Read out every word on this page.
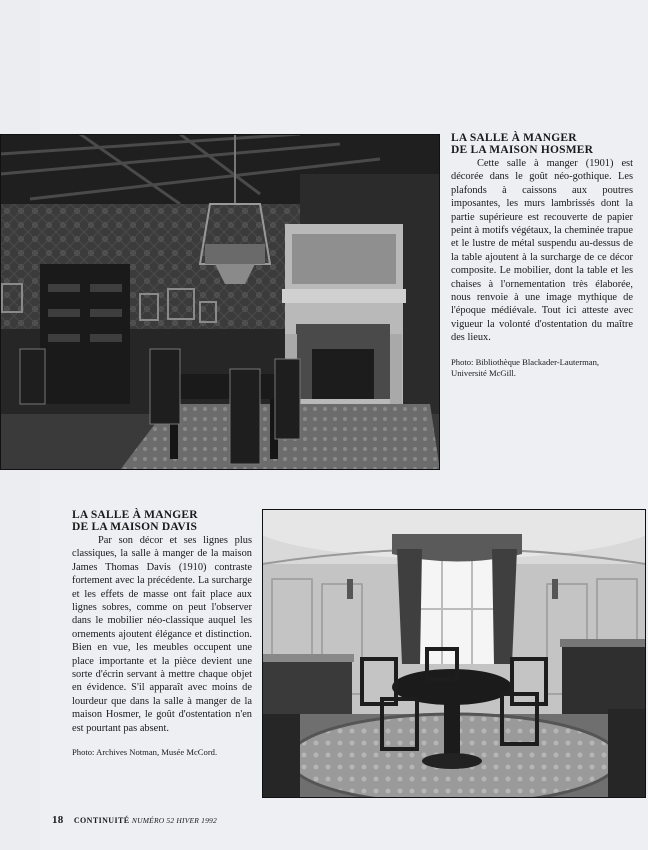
LA SALLE À MANGER
DE LA MAISON HOSMER

Cette salle à manger (1901) est décorée dans le goût néo-gothique. Les plafonds à caissons aux poutres imposantes, les murs lambrissés dont la partie supérieure est recouverte de papier peint à motifs végétaux, la cheminée trapue et le lustre de métal suspendu au-dessus de la table ajoutent à la surcharge de ce décor composite. Le mobilier, dont la table et les chaises à l'ornementation très élaborée, nous renvoie à une image mythique de l'époque médiévale. Tout ici atteste avec vigueur la volonté d'ostentation du maître des lieux.

Photo: Bibliothèque Blackader-Lauterman,
Université McGill.

LA SALLE À MANGER
DE LA MAISON DAVIS

Par son décor et ses lignes plus classiques, la salle à manger de la maison James Thomas Davis (1910) contraste fortement avec la précédente. La surcharge et les effets de masse ont fait place aux lignes sobres, comme on peut l'observer dans le mobilier néo-classique auquel les ornements ajoutent élégance et distinction. Bien en vue, les meubles occupent une place importante et la pièce devient une sorte d'écrin servant à mettre chaque objet en évidence. S'il apparaît avec moins de lourdeur que dans la salle à manger de la maison Hosmer, le goût d'ostentation n'en est pourtant pas absent.

Photo: Archives Notman, Musée McCord.
18 CONTINUITÉ NUMÉRO 52 HIVER 1992
